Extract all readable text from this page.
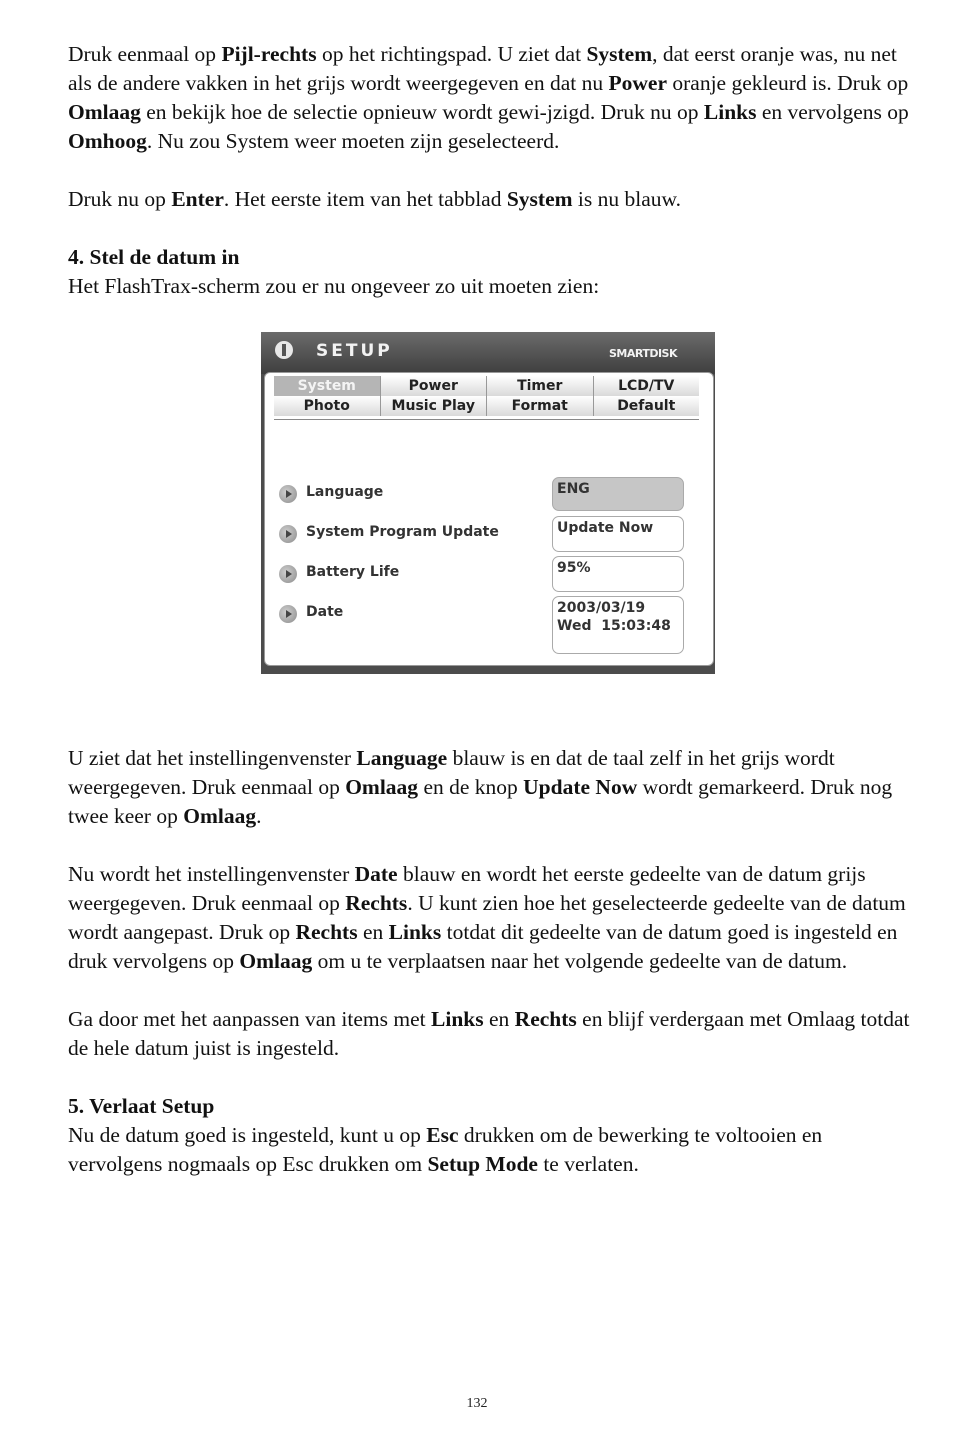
Druk eenmaal op Pijl-rechts op het richtingspad. U ziet dat System, dat eerst oranje was, nu net als de andere vakken in het grijs wordt weergegeven en dat nu Power oranje gekleurd is. Druk op Omlaag en bekijk hoe de selectie opnieuw wordt gewi-jzigd. Druk nu op Links en vervolgens op Omhoog. Nu zou System weer moeten zijn geselecteerd.

Druk nu op Enter. Het eerste item van het tabblad System is nu blauw.

4. Stel de datum in

Het FlashTrax-scherm zou er nu ongeveer zo uit moeten zien:

SETUP	SMARTDISK
System	Power	Timer	LCD/TV
Photo	Music Play	Format	Default
Language	ENG
System Program Update	Update Now
Battery Life	95%
Date	2003/03/19
Wed  15:03:48

U ziet dat het instellingenvenster Language blauw is en dat de taal zelf in het grijs wordt weergegeven. Druk eenmaal op Omlaag en de knop Update Now wordt gemarkeerd. Druk nog twee keer op Omlaag.

Nu wordt het instellingenvenster Date blauw en wordt het eerste gedeelte van de datum grijs weergegeven. Druk eenmaal op Rechts. U kunt zien hoe het geselecteerde gedeelte van de datum wordt aangepast. Druk op Rechts en Links totdat dit gedeelte van de datum goed is ingesteld en druk vervolgens op Omlaag om u te verplaatsen naar het volgende gedeelte van de datum.

Ga door met het aanpassen van items met Links en Rechts en blijf verdergaan met Omlaag totdat de hele datum juist is ingesteld.

5. Verlaat Setup

Nu de datum goed is ingesteld, kunt u op Esc drukken om de bewerking te voltooien en vervolgens nogmaals op Esc drukken om Setup Mode te verlaten.

132
